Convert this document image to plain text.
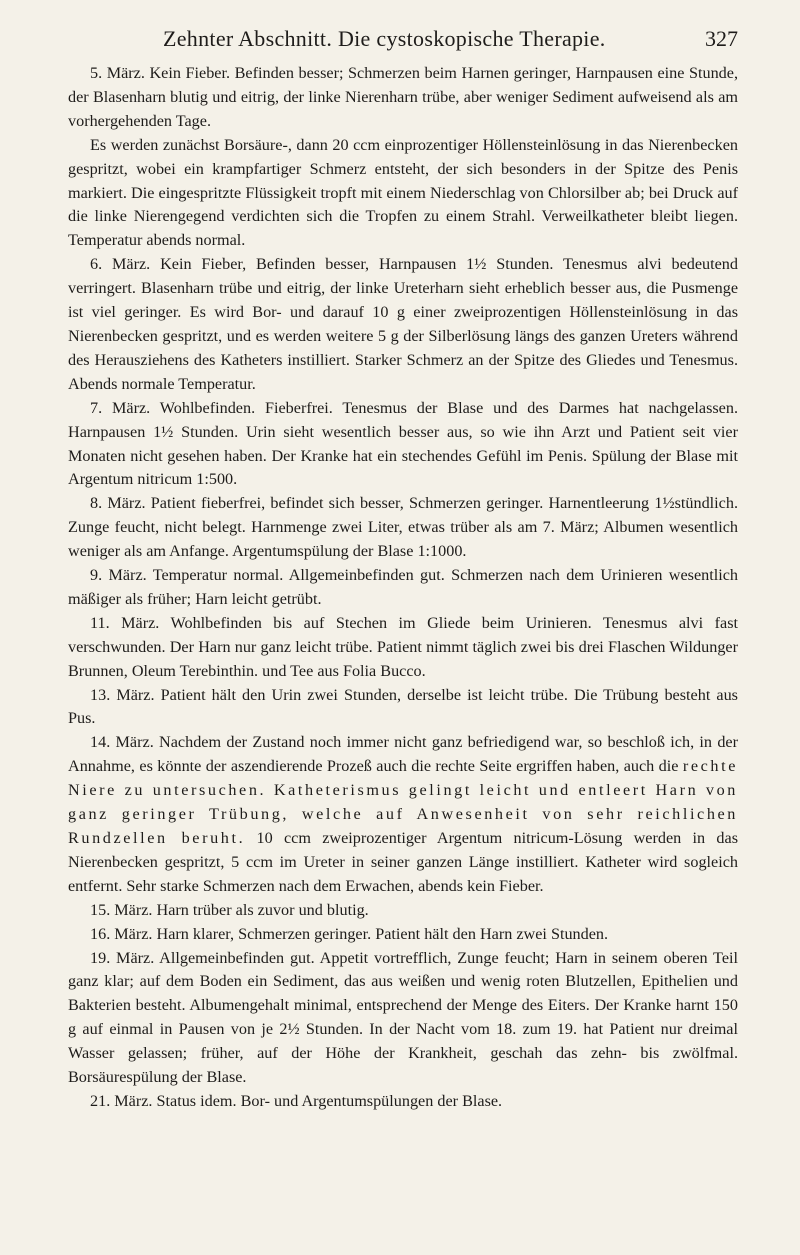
Zehnter Abschnitt. Die cystoskopische Therapie.	327

5. März. Kein Fieber. Befinden besser; Schmerzen beim Harnen geringer, Harnpausen eine Stunde, der Blasenharn blutig und eitrig, der linke Nierenharn trübe, aber weniger Sediment aufweisend als am vorhergehenden Tage.

Es werden zunächst Borsäure-, dann 20 ccm einprozentiger Höllensteinlösung in das Nierenbecken gespritzt, wobei ein krampfartiger Schmerz entsteht, der sich besonders in der Spitze des Penis markiert. Die eingespritzte Flüssigkeit tropft mit einem Niederschlag von Chlorsilber ab; bei Druck auf die linke Nierengegend verdichten sich die Tropfen zu einem Strahl. Verweilkatheter bleibt liegen. Temperatur abends normal.

6. März. Kein Fieber, Befinden besser, Harnpausen 1½ Stunden. Tenesmus alvi bedeutend verringert. Blasenharn trübe und eitrig, der linke Ureterharn sieht erheblich besser aus, die Pusmenge ist viel geringer. Es wird Bor- und darauf 10 g einer zweiprozentigen Höllensteinlösung in das Nierenbecken gespritzt, und es werden weitere 5 g der Silberlösung längs des ganzen Ureters während des Herausziehens des Katheters instilliert. Starker Schmerz an der Spitze des Gliedes und Tenesmus. Abends normale Temperatur.

7. März. Wohlbefinden. Fieberfrei. Tenesmus der Blase und des Darmes hat nachgelassen. Harnpausen 1½ Stunden. Urin sieht wesentlich besser aus, so wie ihn Arzt und Patient seit vier Monaten nicht gesehen haben. Der Kranke hat ein stechendes Gefühl im Penis. Spülung der Blase mit Argentum nitricum 1:500.

8. März. Patient fieberfrei, befindet sich besser, Schmerzen geringer. Harnentleerung 1½stündlich. Zunge feucht, nicht belegt. Harnmenge zwei Liter, etwas trüber als am 7. März; Albumen wesentlich weniger als am Anfange. Argentumspülung der Blase 1:1000.

9. März. Temperatur normal. Allgemeinbefinden gut. Schmerzen nach dem Urinieren wesentlich mäßiger als früher; Harn leicht getrübt.

11. März. Wohlbefinden bis auf Stechen im Gliede beim Urinieren. Tenesmus alvi fast verschwunden. Der Harn nur ganz leicht trübe. Patient nimmt täglich zwei bis drei Flaschen Wildunger Brunnen, Oleum Terebinthin. und Tee aus Folia Bucco.

13. März. Patient hält den Urin zwei Stunden, derselbe ist leicht trübe. Die Trübung besteht aus Pus.

14. März. Nachdem der Zustand noch immer nicht ganz befriedigend war, so beschloß ich, in der Annahme, es könnte der aszendierende Prozeß auch die rechte Seite ergriffen haben, auch die rechte Niere zu untersuchen. Katheterismus gelingt leicht und entleert Harn von ganz geringer Trübung, welche auf Anwesenheit von sehr reichlichen Rundzellen beruht. 10 ccm zweiprozentiger Argentum nitricum-Lösung werden in das Nierenbecken gespritzt, 5 ccm im Ureter in seiner ganzen Länge instilliert. Katheter wird sogleich entfernt. Sehr starke Schmerzen nach dem Erwachen, abends kein Fieber.

15. März. Harn trüber als zuvor und blutig.

16. März. Harn klarer, Schmerzen geringer. Patient hält den Harn zwei Stunden.

19. März. Allgemeinbefinden gut. Appetit vortrefflich, Zunge feucht; Harn in seinem oberen Teil ganz klar; auf dem Boden ein Sediment, das aus weißen und wenig roten Blutzellen, Epithelien und Bakterien besteht. Albumengehalt minimal, entsprechend der Menge des Eiters. Der Kranke harnt 150 g auf einmal in Pausen von je 2½ Stunden. In der Nacht vom 18. zum 19. hat Patient nur dreimal Wasser gelassen; früher, auf der Höhe der Krankheit, geschah das zehn- bis zwölfmal. Borsäurespülung der Blase.

21. März. Status idem. Bor- und Argentumspülungen der Blase.
